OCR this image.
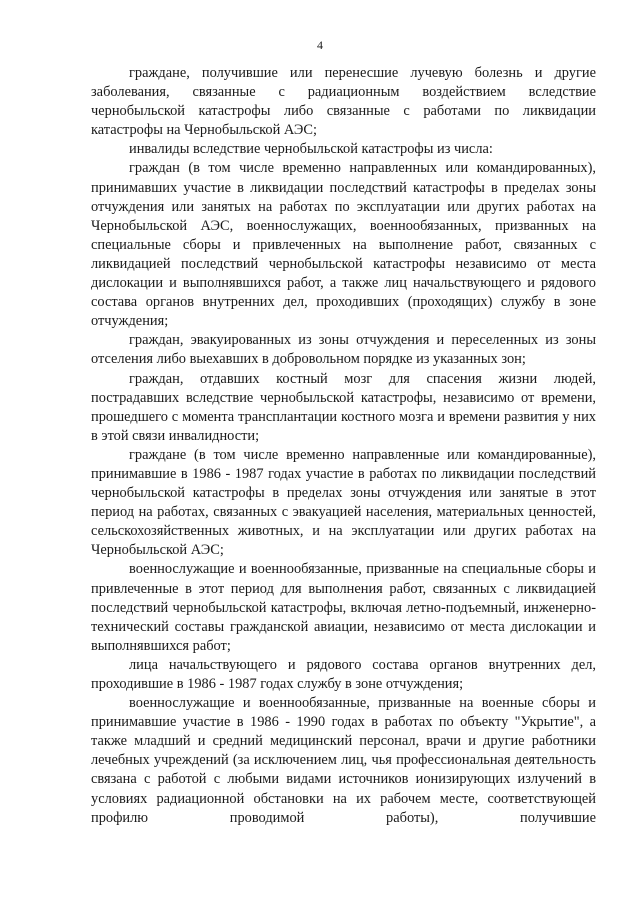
4

граждане, получившие или перенесшие лучевую болезнь и другие заболевания, связанные с радиационным воздействием вследствие чернобыльской катастрофы либо связанные с работами по ликвидации катастрофы на Чернобыльской АЭС;

инвалиды вследствие чернобыльской катастрофы из числа:

граждан (в том числе временно направленных или командированных), принимавших участие в ликвидации последствий катастрофы в пределах зоны отчуждения или занятых на работах по эксплуатации или других работах на Чернобыльской АЭС, военнослужащих, военнообязанных, призванных на специальные сборы и привлеченных на выполнение работ, связанных с ликвидацией последствий чернобыльской катастрофы независимо от места дислокации и выполнявшихся работ, а также лиц начальствующего и рядового состава органов внутренних дел, проходивших (проходящих) службу в зоне отчуждения;

граждан, эвакуированных из зоны отчуждения и переселенных из зоны отселения либо выехавших в добровольном порядке из указанных зон;

граждан, отдавших костный мозг для спасения жизни людей, пострадавших вследствие чернобыльской катастрофы, независимо от времени, прошедшего с момента трансплантации костного мозга и времени развития у них в этой связи инвалидности;

граждане (в том числе временно направленные или командированные), принимавшие в 1986 - 1987 годах участие в работах по ликвидации последствий чернобыльской катастрофы в пределах зоны отчуждения или занятые в этот период на работах, связанных с эвакуацией населения, материальных ценностей, сельскохозяйственных животных, и на эксплуатации или других работах на Чернобыльской АЭС;

военнослужащие и военнообязанные, призванные на специальные сборы и привлеченные в этот период для выполнения работ, связанных с ликвидацией последствий чернобыльской катастрофы, включая летно-подъемный, инженерно-технический составы гражданской авиации, независимо от места дислокации и выполнявшихся работ;

лица начальствующего и рядового состава органов внутренних дел, проходившие в 1986 - 1987 годах службу в зоне отчуждения;

военнослужащие и военнообязанные, призванные на военные сборы и принимавшие участие в 1986 - 1990 годах в работах по объекту "Укрытие", а также младший и средний медицинский персонал, врачи и другие работники лечебных учреждений (за исключением лиц, чья профессиональная деятельность связана с работой с любыми видами источников ионизирующих излучений в условиях радиационной обстановки на их рабочем месте, соответствующей профилю проводимой работы), получившие
